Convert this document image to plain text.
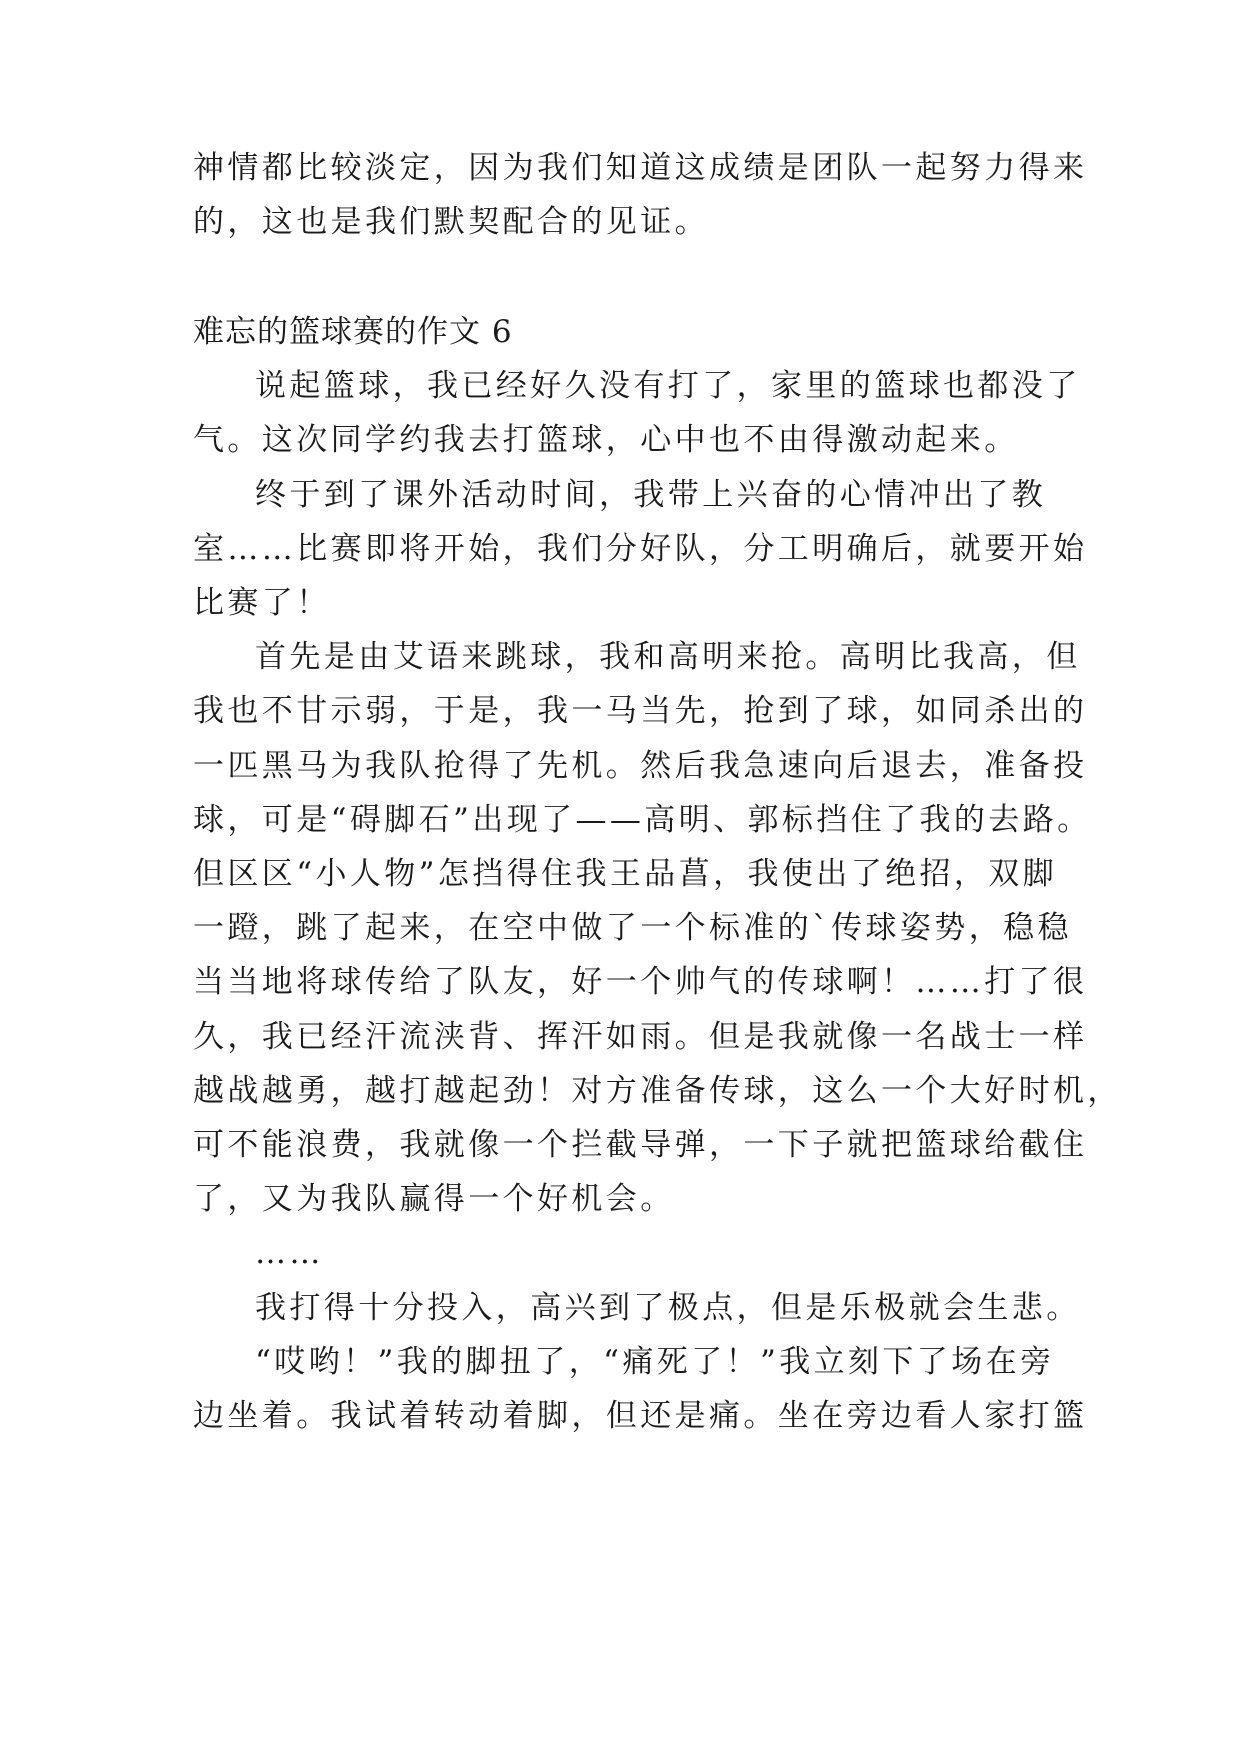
神情都比较淡定，因为我们知道这成绩是团队一起努力得来
的，这也是我们默契配合的见证。
难忘的篮球赛的作文 6
说起篮球，我已经好久没有打了，家里的篮球也都没了
气。这次同学约我去打篮球，心中也不由得激动起来。
终于到了课外活动时间，我带上兴奋的心情冲出了教
室……比赛即将开始，我们分好队，分工明确后，就要开始
比赛了！
首先是由艾语来跳球，我和高明来抢。高明比我高，但
我也不甘示弱，于是，我一马当先，抢到了球，如同杀出的
一匹黑马为我队抢得了先机。然后我急速向后退去，准备投
球，可是“碍脚石”出现了——高明、郭标挡住了我的去路。
但区区“小人物”怎挡得住我王品菖，我使出了绝招，双脚
一蹬，跳了起来，在空中做了一个标准的`传球姿势，稳稳
当当地将球传给了队友，好一个帅气的传球啊！……打了很
久，我已经汗流浃背、挥汗如雨。但是我就像一名战士一样
越战越勇，越打越起劲！对方准备传球，这么一个大好时机，
可不能浪费，我就像一个拦截导弹，一下子就把篮球给截住
了，又为我队赢得一个好机会。
……
我打得十分投入，高兴到了极点，但是乐极就会生悲。
“哎哟！”我的脚扭了，“痛死了！”我立刻下了场在旁
边坐着。我试着转动着脚，但还是痛。坐在旁边看人家打篮
